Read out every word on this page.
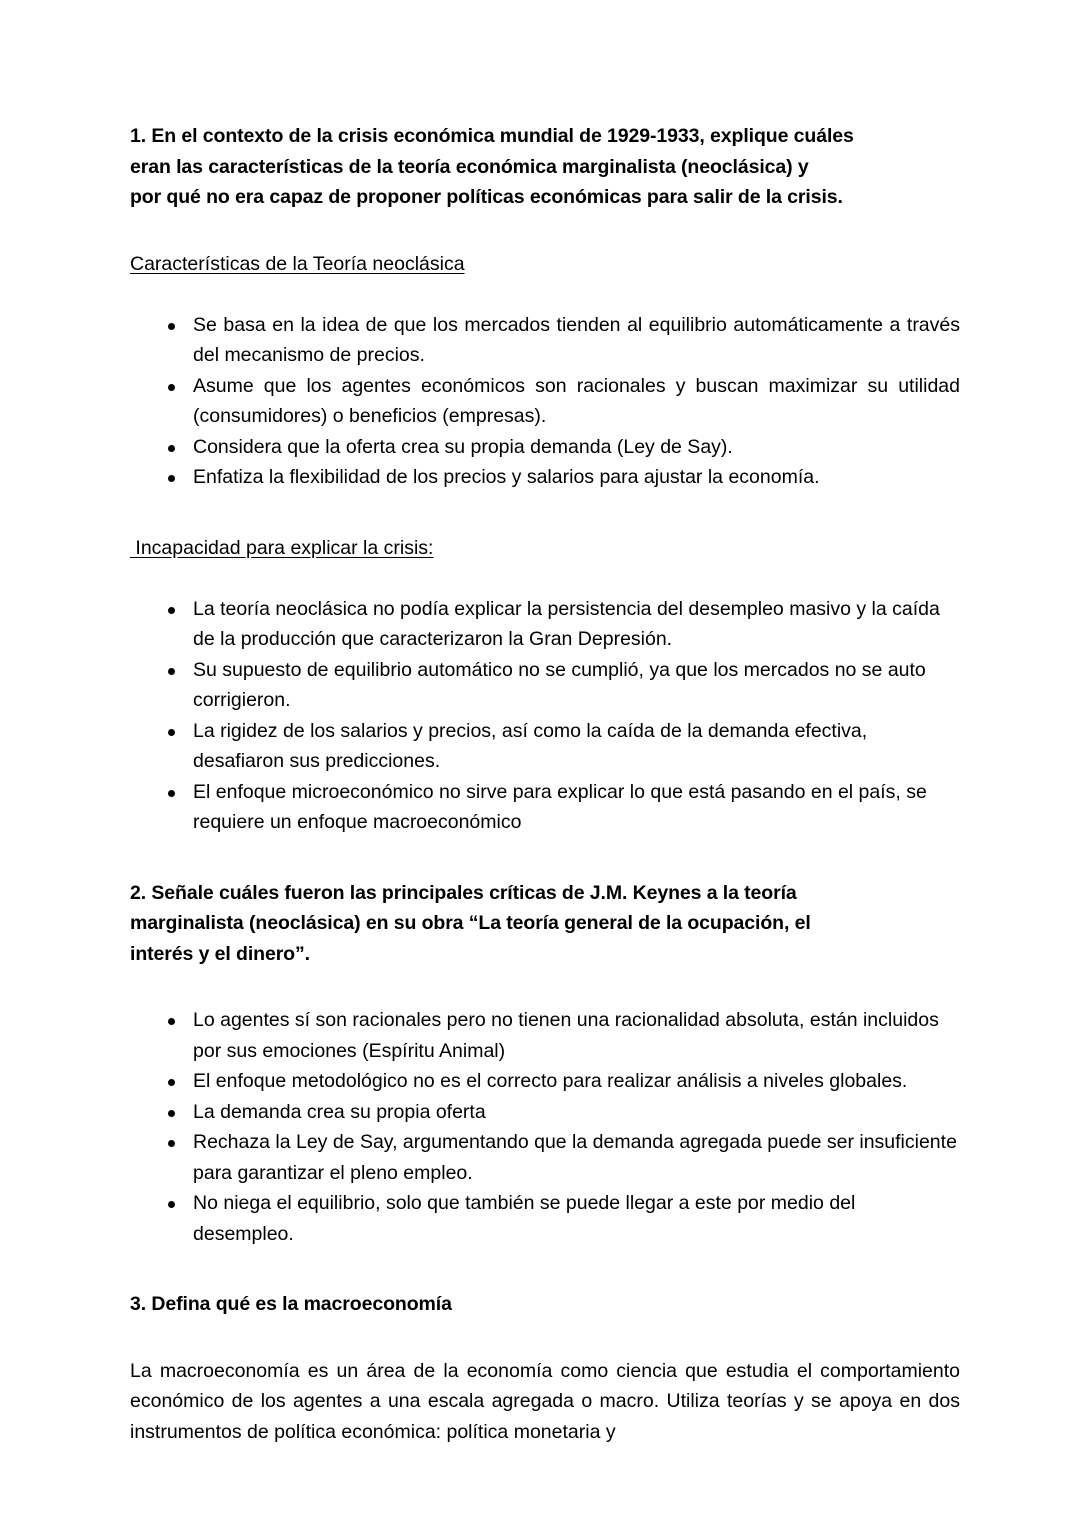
1. En el contexto de la crisis económica mundial de 1929-1933, explique cuáles
eran las características de la teoría económica marginalista (neoclásica) y
por qué no era capaz de proponer políticas económicas para salir de la crisis.
Características de la Teoría neoclásica
Se basa en la idea de que los mercados tienden al equilibrio automáticamente a través del mecanismo de precios.
Asume que los agentes económicos son racionales y buscan maximizar su utilidad (consumidores) o beneficios (empresas).
Considera que la oferta crea su propia demanda (Ley de Say).
Enfatiza la flexibilidad de los precios y salarios para ajustar la economía.
Incapacidad para explicar la crisis:
La teoría neoclásica no podía explicar la persistencia del desempleo masivo y la caída de la producción que caracterizaron la Gran Depresión.
Su supuesto de equilibrio automático no se cumplió, ya que los mercados no se auto corrigieron.
La rigidez de los salarios y precios, así como la caída de la demanda efectiva, desafiaron sus predicciones.
El enfoque microeconómico no sirve para explicar lo que está pasando en el país, se requiere un enfoque macroeconómico
2. Señale cuáles fueron las principales críticas de J.M. Keynes a la teoría
marginalista (neoclásica) en su obra “La teoría general de la ocupación, el
interés y el dinero”.
Lo agentes sí son racionales pero no tienen una racionalidad absoluta, están incluidos por sus emociones (Espíritu Animal)
El enfoque metodológico no es el correcto para realizar análisis a niveles globales.
La demanda crea su propia oferta
Rechaza la Ley de Say, argumentando que la demanda agregada puede ser insuficiente para garantizar el pleno empleo.
No niega el equilibrio, solo que también se puede llegar a este por medio del desempleo.
3. Defina qué es la macroeconomía

La macroeconomía es un área de la economía como ciencia que estudia el comportamiento económico de los agentes a una escala agregada o macro. Utiliza teorías y se apoya en dos instrumentos de política económica: política monetaria y
